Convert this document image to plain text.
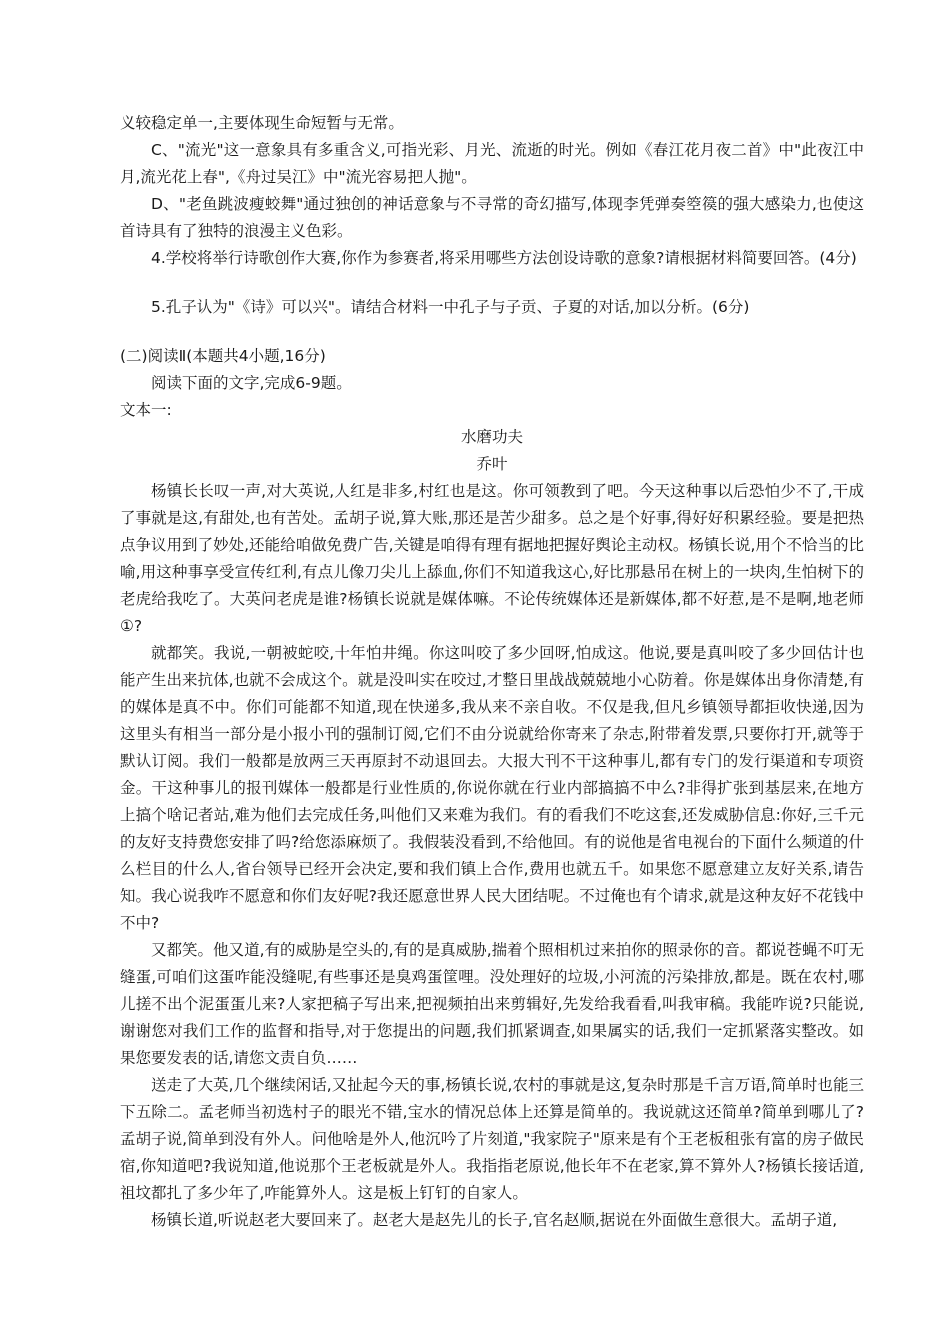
义较稳定单一,主要体现生命短暂与无常。

C、"流光"这一意象具有多重含义,可指光彩、月光、流逝的时光。例如《春江花月夜二首》中"此夜江中月,流光花上春",《舟过吴江》中"流光容易把人抛"。

D、"老鱼跳波瘦蛟舞"通过独创的神话意象与不寻常的奇幻描写,体现李凭弹奏箜篌的强大感染力,也使这首诗具有了独特的浪漫主义色彩。

4.学校将举行诗歌创作大赛,你作为参赛者,将采用哪些方法创设诗歌的意象?请根据材料简要回答。(4分)

5.孔子认为"《诗》可以兴"。请结合材料一中孔子与子贡、子夏的对话,加以分析。(6分)

(二)阅读Ⅱ(本题共4小题,16分)

阅读下面的文字,完成6-9题。

文本一:

水磨功夫

乔叶

杨镇长长叹一声,对大英说,人红是非多,村红也是这。你可领教到了吧。今天这种事以后恐怕少不了,干成了事就是这,有甜处,也有苦处。孟胡子说,算大账,那还是苦少甜多。总之是个好事,得好好积累经验。要是把热点争议用到了妙处,还能给咱做免费广告,关键是咱得有理有据地把握好舆论主动权。杨镇长说,用个不恰当的比喻,用这种事享受宣传红利,有点儿像刀尖儿上舔血,你们不知道我这心,好比那悬吊在树上的一块肉,生怕树下的老虎给我吃了。大英问老虎是谁?杨镇长说就是媒体嘛。不论传统媒体还是新媒体,都不好惹,是不是啊,地老师①?

就都笑。我说,一朝被蛇咬,十年怕井绳。你这叫咬了多少回呀,怕成这。他说,要是真叫咬了多少回估计也能产生出来抗体,也就不会成这个。就是没叫实在咬过,才整日里战战兢兢地小心防着。你是媒体出身你清楚,有的媒体是真不中。你们可能都不知道,现在快递多,我从来不亲自收。不仅是我,但凡乡镇领导都拒收快递,因为这里头有相当一部分是小报小刊的强制订阅,它们不由分说就给你寄来了杂志,附带着发票,只要你打开,就等于默认订阅。我们一般都是放两三天再原封不动退回去。大报大刊不干这种事儿,都有专门的发行渠道和专项资金。干这种事儿的报刊媒体一般都是行业性质的,你说你就在行业内部搞搞不中么?非得扩张到基层来,在地方上搞个啥记者站,难为他们去完成任务,叫他们又来难为我们。有的看我们不吃这套,还发威胁信息:你好,三千元的友好支持费您安排了吗?给您添麻烦了。我假装没看到,不给他回。有的说他是省电视台的下面什么频道的什么栏目的什么人,省台领导已经开会决定,要和我们镇上合作,费用也就五千。如果您不愿意建立友好关系,请告知。我心说我咋不愿意和你们友好呢?我还愿意世界人民大团结呢。不过俺也有个请求,就是这种友好不花钱中不中?

又都笑。他又道,有的威胁是空头的,有的是真威胁,揣着个照相机过来拍你的照录你的音。都说苍蝇不叮无缝蛋,可咱们这蛋咋能没缝呢,有些事还是臭鸡蛋筐哩。没处理好的垃圾,小河流的污染排放,都是。既在农村,哪儿搓不出个泥蛋蛋儿来?人家把稿子写出来,把视频拍出来剪辑好,先发给我看看,叫我审稿。我能咋说?只能说,谢谢您对我们工作的监督和指导,对于您提出的问题,我们抓紧调查,如果属实的话,我们一定抓紧落实整改。如果您要发表的话,请您文责自负……

送走了大英,几个继续闲话,又扯起今天的事,杨镇长说,农村的事就是这,复杂时那是千言万语,简单时也能三下五除二。孟老师当初选村子的眼光不错,宝水的情况总体上还算是简单的。我说就这还简单?简单到哪儿了?孟胡子说,简单到没有外人。问他啥是外人,他沉吟了片刻道,"我家院子"原来是有个王老板租张有富的房子做民宿,你知道吧?我说知道,他说那个王老板就是外人。我指指老原说,他长年不在老家,算不算外人?杨镇长接话道,祖坟都扎了多少年了,咋能算外人。这是板上钉钉的自家人。

杨镇长道,听说赵老大要回来了。赵老大是赵先儿的长子,官名赵顺,据说在外面做生意很大。孟胡子道,
